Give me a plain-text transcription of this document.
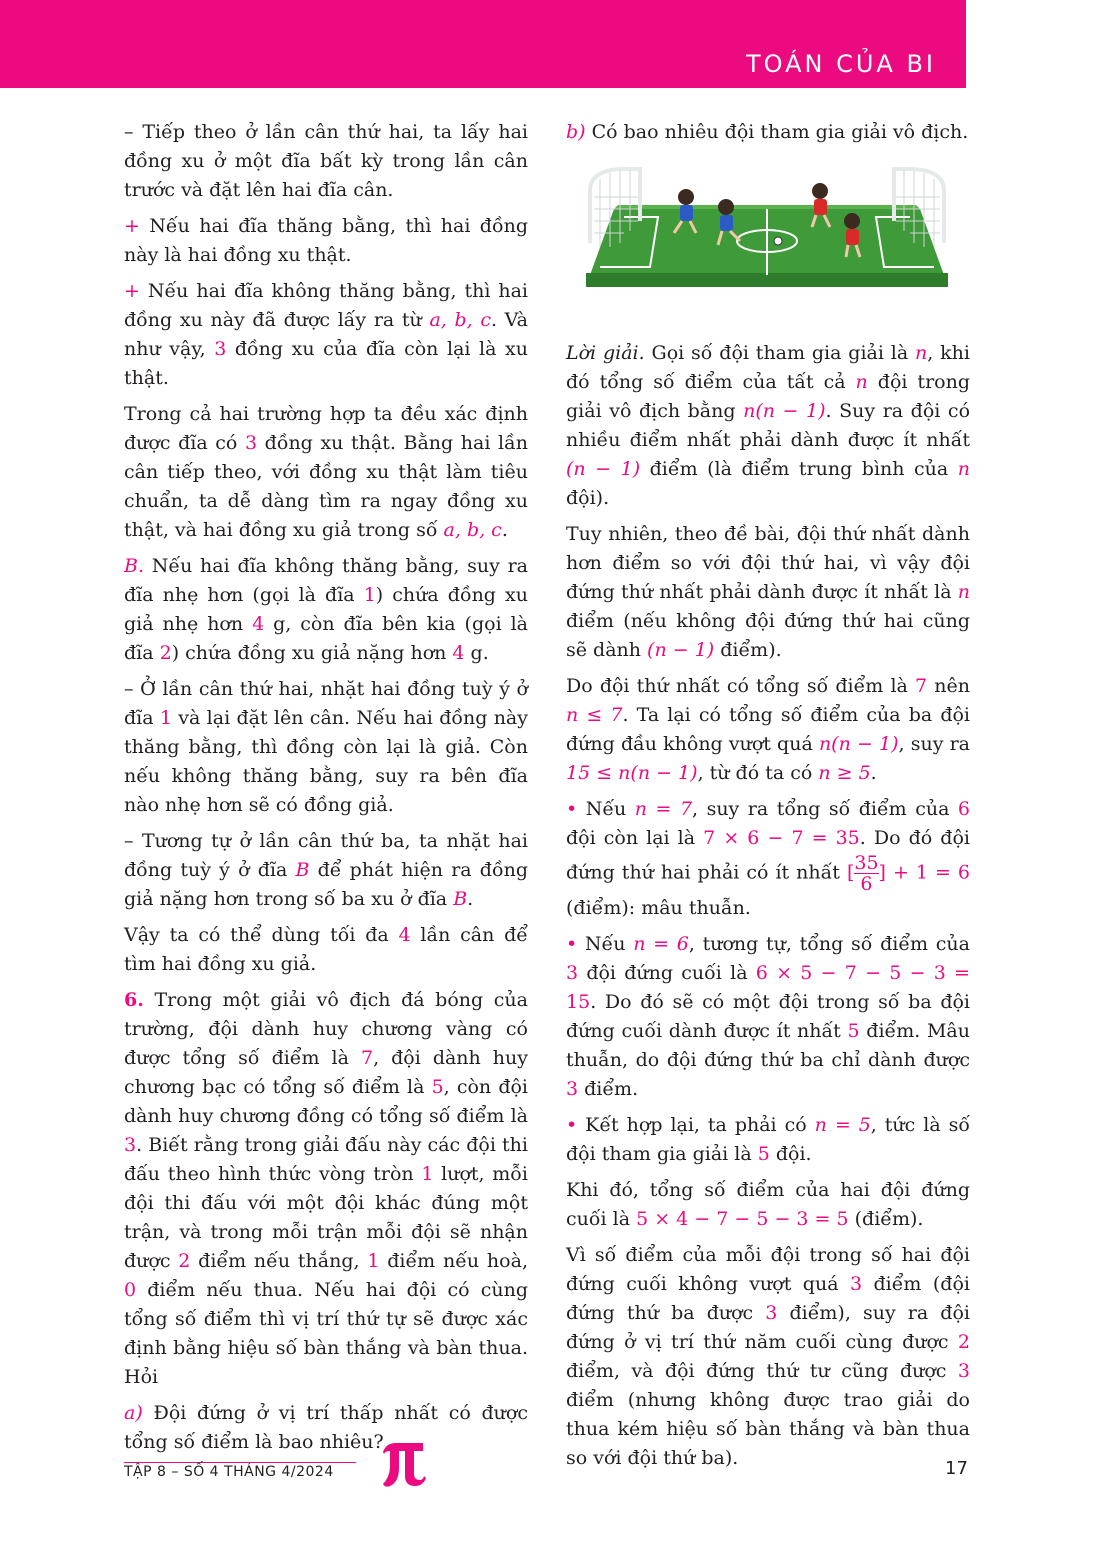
TOÁN CỦA BI

– Tiếp theo ở lần cân thứ hai, ta lấy hai đồng xu ở một đĩa bất kỳ trong lần cân trước và đặt lên hai đĩa cân.

+ Nếu hai đĩa thăng bằng, thì hai đồng này là hai đồng xu thật.

+ Nếu hai đĩa không thăng bằng, thì hai đồng xu này đã được lấy ra từ a, b, c. Và như vậy, 3 đồng xu của đĩa còn lại là xu thật.

Trong cả hai trường hợp ta đều xác định được đĩa có 3 đồng xu thật. Bằng hai lần cân tiếp theo, với đồng xu thật làm tiêu chuẩn, ta dễ dàng tìm ra ngay đồng xu thật, và hai đồng xu giả trong số a, b, c.

B. Nếu hai đĩa không thăng bằng, suy ra đĩa nhẹ hơn (gọi là đĩa 1) chứa đồng xu giả nhẹ hơn 4 g, còn đĩa bên kia (gọi là đĩa 2) chứa đồng xu giả nặng hơn 4 g.

– Ở lần cân thứ hai, nhặt hai đồng tuỳ ý ở đĩa 1 và lại đặt lên cân. Nếu hai đồng này thăng bằng, thì đồng còn lại là giả. Còn nếu không thăng bằng, suy ra bên đĩa nào nhẹ hơn sẽ có đồng giả.

– Tương tự ở lần cân thứ ba, ta nhặt hai đồng tuỳ ý ở đĩa B để phát hiện ra đồng giả nặng hơn trong số ba xu ở đĩa B.

Vậy ta có thể dùng tối đa 4 lần cân để tìm hai đồng xu giả.

6. Trong một giải vô địch đá bóng của trường, đội dành huy chương vàng có được tổng số điểm là 7, đội dành huy chương bạc có tổng số điểm là 5, còn đội dành huy chương đồng có tổng số điểm là 3. Biết rằng trong giải đấu này các đội thi đấu theo hình thức vòng tròn 1 lượt, mỗi đội thi đấu với một đội khác đúng một trận, và trong mỗi trận mỗi đội sẽ nhận được 2 điểm nếu thắng, 1 điểm nếu hoà, 0 điểm nếu thua. Nếu hai đội có cùng tổng số điểm thì vị trí thứ tự sẽ được xác định bằng hiệu số bàn thắng và bàn thua. Hỏi

a) Đội đứng ở vị trí thấp nhất có được tổng số điểm là bao nhiêu?

b) Có bao nhiêu đội tham gia giải vô địch.

Lời giải. Gọi số đội tham gia giải là n, khi đó tổng số điểm của tất cả n đội trong giải vô địch bằng n(n − 1). Suy ra đội có nhiều điểm nhất phải dành được ít nhất (n − 1) điểm (là điểm trung bình của n đội).

Tuy nhiên, theo đề bài, đội thứ nhất dành hơn điểm so với đội thứ hai, vì vậy đội đứng thứ nhất phải dành được ít nhất là n điểm (nếu không đội đứng thứ hai cũng sẽ dành (n − 1) điểm).

Do đội thứ nhất có tổng số điểm là 7 nên n ≤ 7. Ta lại có tổng số điểm của ba đội đứng đầu không vượt quá n(n − 1), suy ra 15 ≤ n(n − 1), từ đó ta có n ≥ 5.

• Nếu n = 7, suy ra tổng số điểm của 6 đội còn lại là 7 × 6 − 7 = 35. Do đó đội đứng thứ hai phải có ít nhất [ $\frac{35}{6}$ ] + 1 = 6 (điểm): mâu thuẫn.

• Nếu n = 6, tương tự, tổng số điểm của 3 đội đứng cuối là 6 × 5 − 7 − 5 − 3 = 15. Do đó sẽ có một đội trong số ba đội đứng cuối dành được ít nhất 5 điểm. Mâu thuẫn, do đội đứng thứ ba chỉ dành được 3 điểm.

• Kết hợp lại, ta phải có n = 5, tức là số đội tham gia giải là 5 đội.

Khi đó, tổng số điểm của hai đội đứng cuối là 5 × 4 − 7 − 5 − 3 = 5 (điểm).

Vì số điểm của mỗi đội trong số hai đội đứng cuối không vượt quá 3 điểm (đội đứng thứ ba được 3 điểm), suy ra đội đứng ở vị trí thứ năm cuối cùng được 2 điểm, và đội đứng thứ tư cũng được 3 điểm (nhưng không được trao giải do thua kém hiệu số bàn thắng và bàn thua so với đội thứ ba).

TẬP 8 – SỐ 4 THÁNG 4/2024	17
